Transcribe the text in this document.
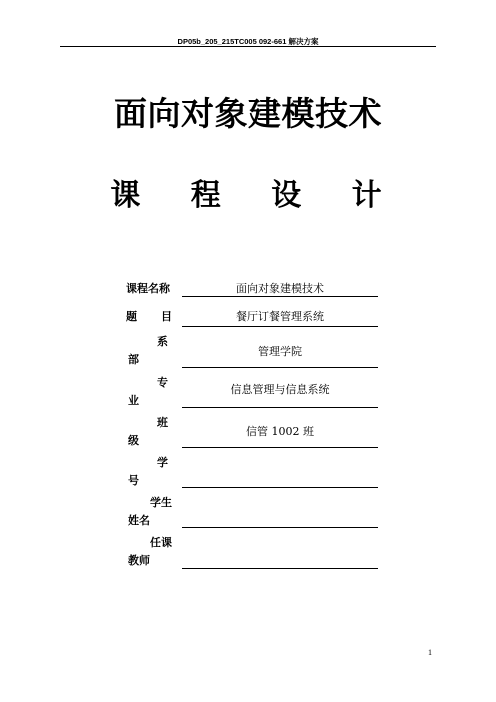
DP05b_205_215TC005 092-661 解决方案
面向对象建模技术
课 程 设 计
课程名称	面向对象建模技术
题 目	餐厅订餐管理系统
系
部
管理学院
专
业
信息管理与信息系统
班
级
信管 1002 班
学
号
学生
姓名
任课
教师
1
